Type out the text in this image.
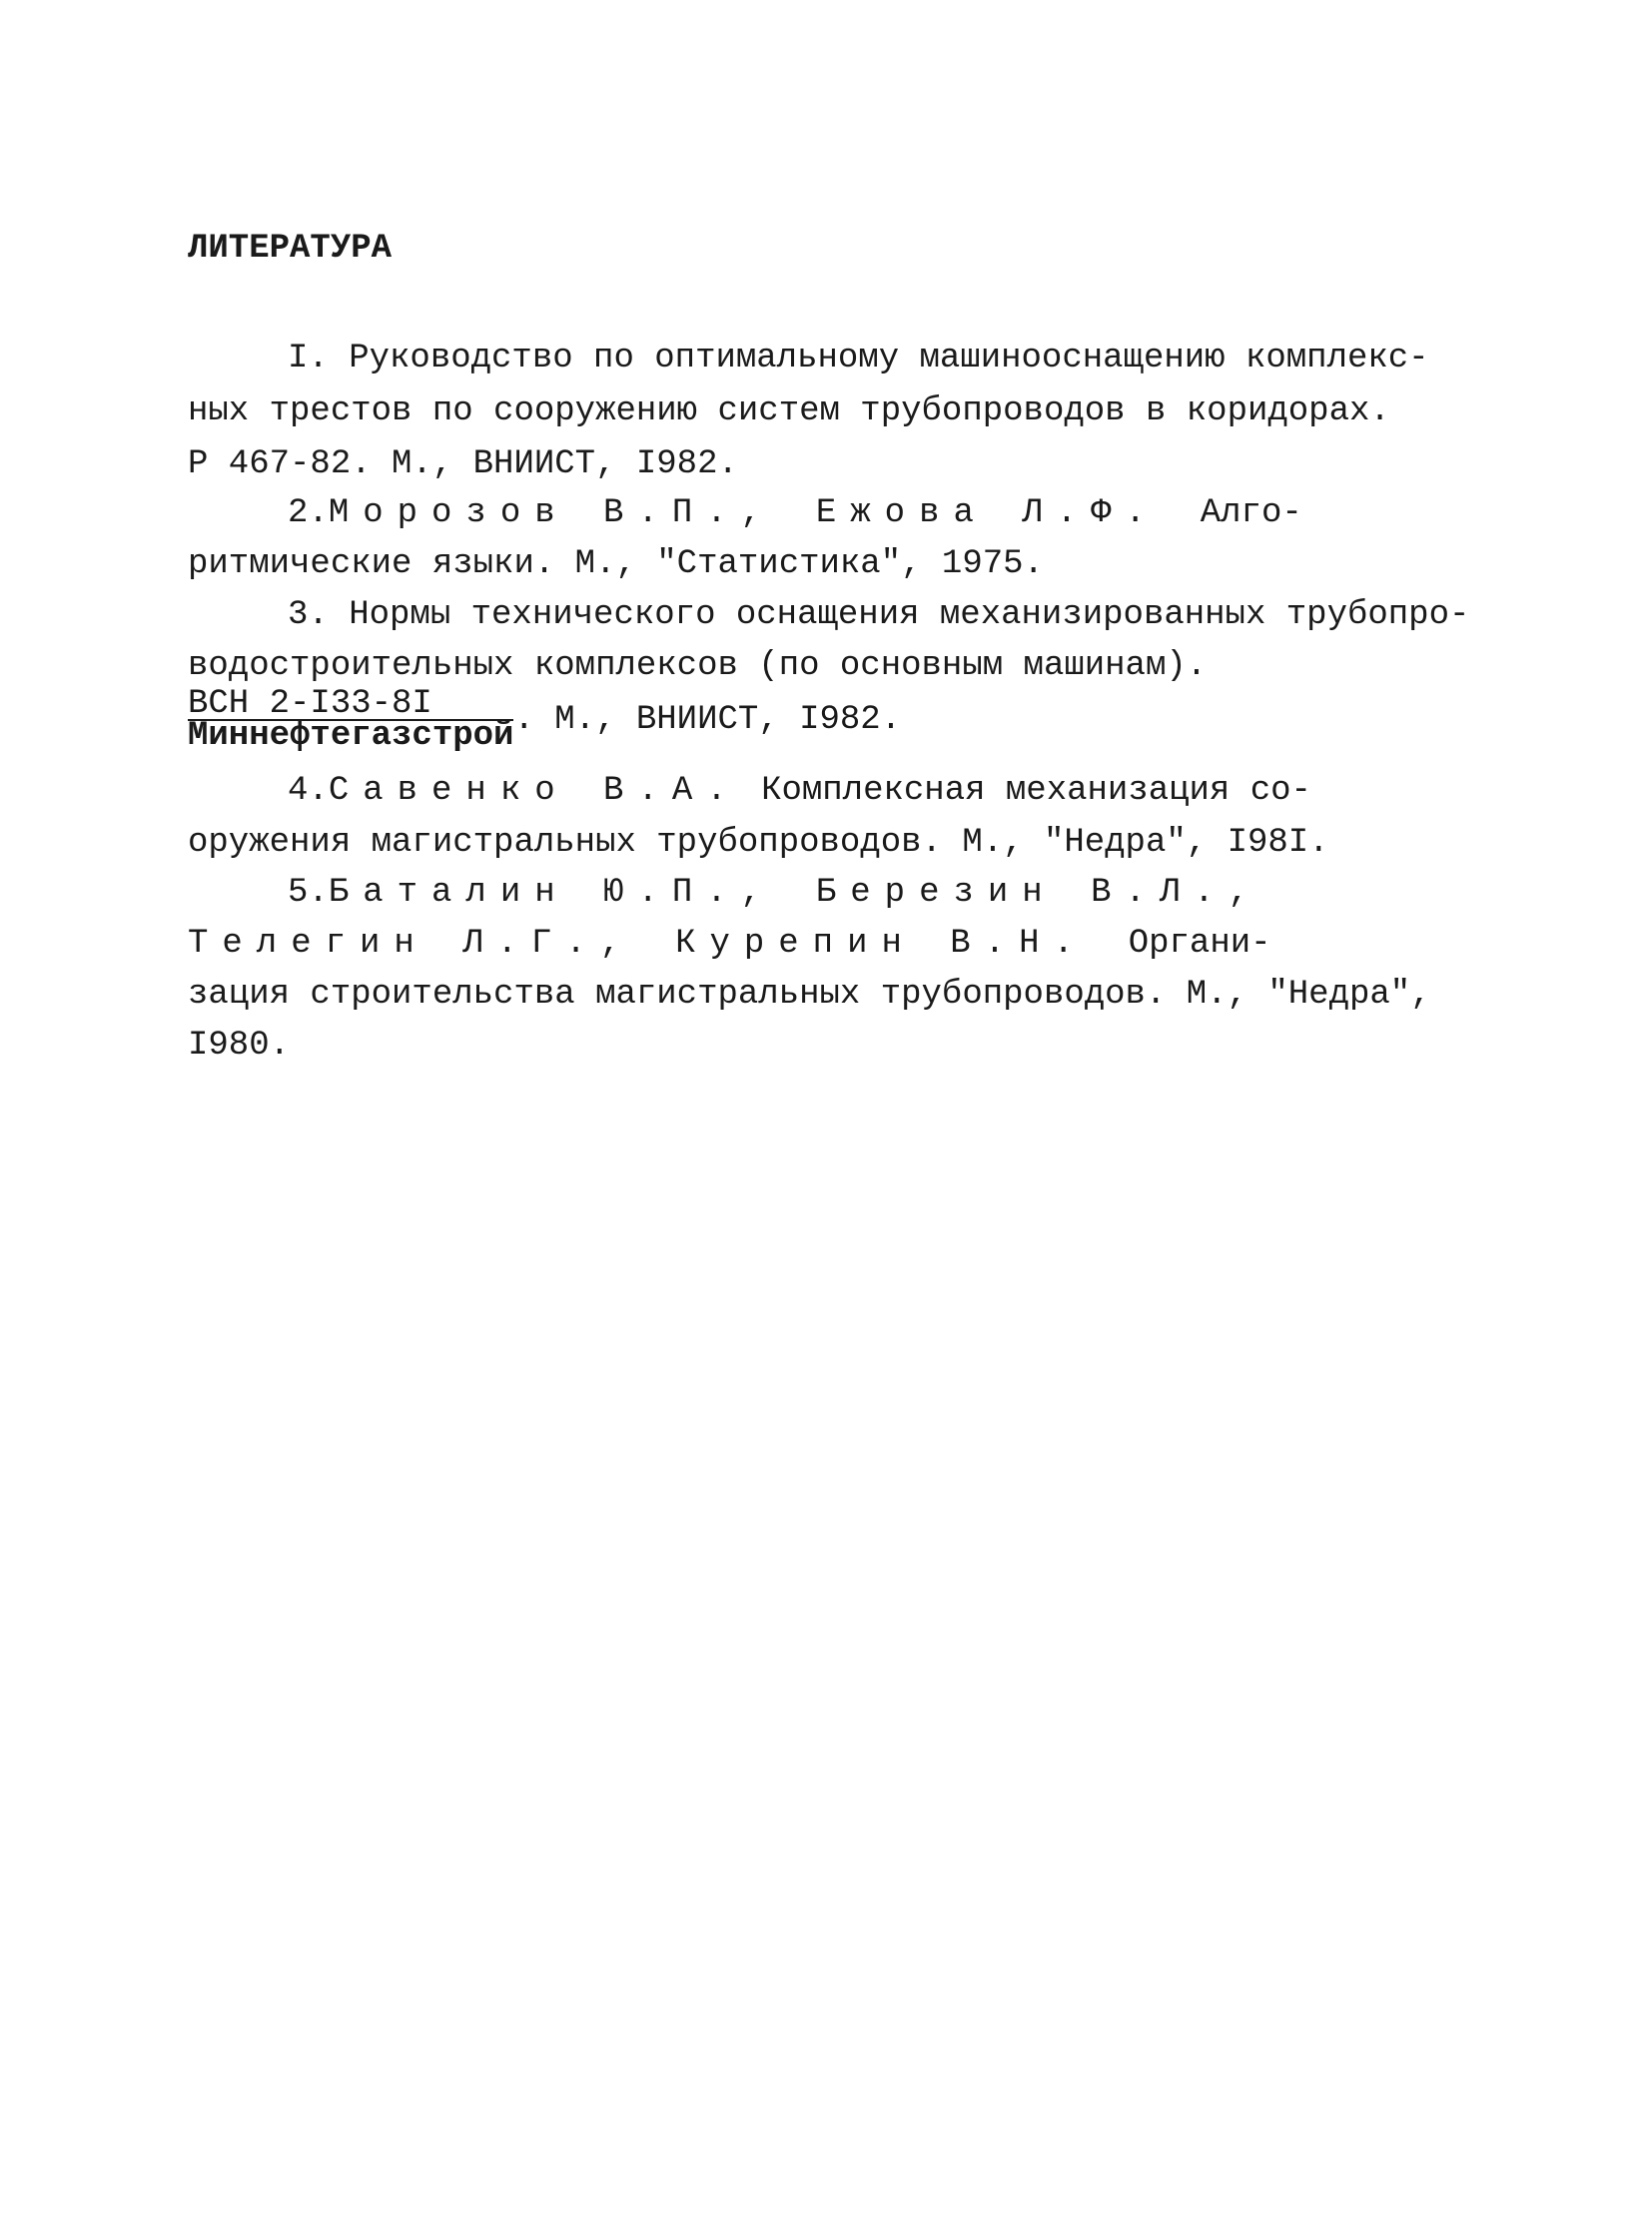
ЛИТЕРАТУРА
I. Руководство по оптимальному машинооснащению комплекс-
ных трестов по сооружению систем трубопроводов в коридорах.
Р 467-82. М., ВНИИСТ, I982.
2.Морозов В.П., Ежова Л.Ф. Алго-
ритмические языки. М., "Статистика", 1975.
3. Нормы технического оснащения механизированных трубопро-
водостроительных комплексов (по основным машинам).
$\frac{\text{ВСН 2-I33-8I}}{\text{Миннефтегазстрой}}$ . М., ВНИИСТ, I982.
4.Савенко В.А. Комплексная механизация со-
оружения магистральных трубопроводов. М., "Недра", I98I.
5.Баталин Ю.П., Березин В.Л.,
Телегин Л.Г., Курепин В.Н. Органи-
зация строительства магистральных трубопроводов. М., "Недра",
I980.
